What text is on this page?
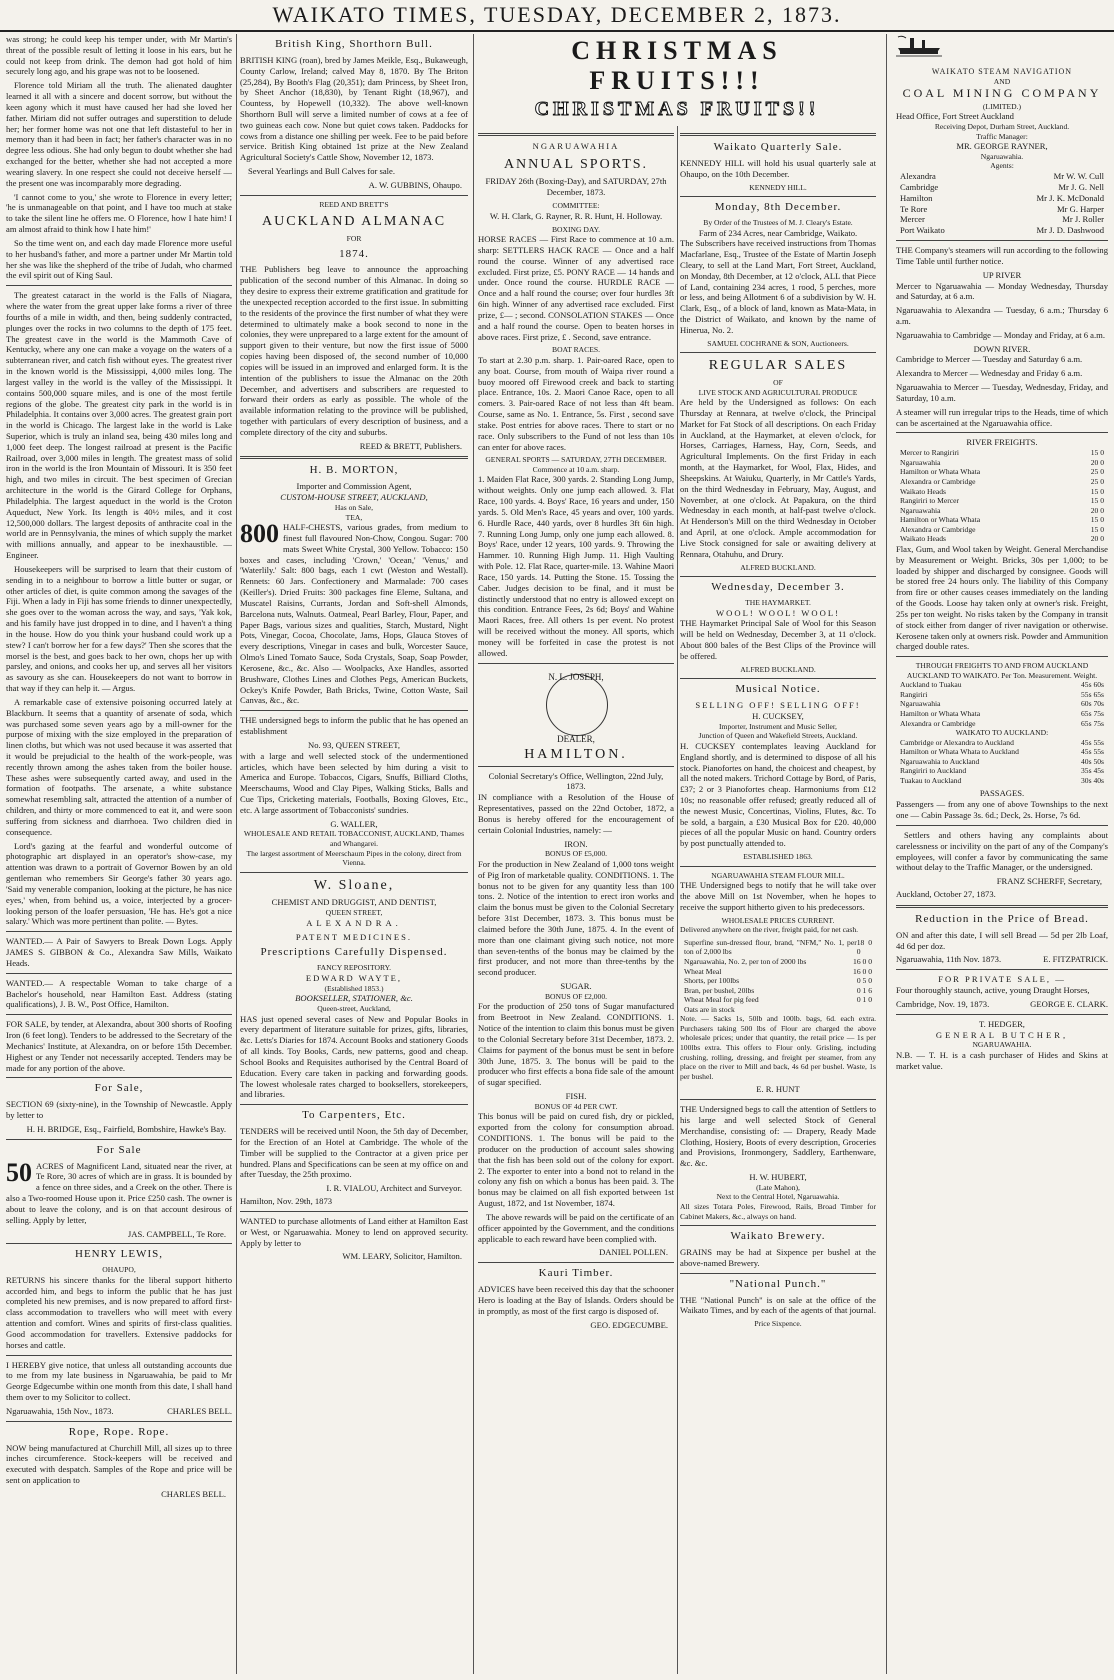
WAIKATO TIMES, TUESDAY, DECEMBER 2, 1873.

was strong; he could keep his temper under, with Mr Martin's threat of the possible result of letting it loose in his ears, but he could not keep from drink. The demon had got hold of him securely long ago, and his grape was not to be loosened.

Florence told Miriam all the truth. The alienated daughter learned it all with a sincere and docent sorrow, but without the keen agony which it must have caused her had she loved her father. Miriam did not suffer outrages and superstition to delude her; her former home was not one that left distasteful to her in memory than it had been in fact; her father's character was in no degree less odious. She had only begun to doubt whether she had exchanged for the better, whether she had not accepted a more wearing slavery. In one respect she could not deceive herself — the present one was incomparably more degrading.

'I cannot come to you,' she wrote to Florence in every letter; 'he is unmanageable on that point, and I have too much at stake to take the silent line he offers me. O Florence, how I hate him! I am almost afraid to think how I hate him!'

So the time went on, and each day made Florence more useful to her husband's father, and more a partner under Mr Martin told her she was like the shepherd of the tribe of Judah, who charmed the evil spirit out of King Saul.

The greatest cataract in the world is the Falls of Niagara, where the water from the great upper lake forms a river of three fourths of a mile in width, and then, being suddenly contracted, plunges over the rocks in two columns to the depth of 175 feet. The greatest cave in the world is the Mammoth Cave of Kentucky, where any one can make a voyage on the waters of a subterranean river, and catch fish without eyes. The greatest river in the known world is the Mississippi, 4,000 miles long. The largest valley in the world is the valley of the Mississippi. It contains 500,000 square miles, and is one of the most fertile regions of the globe. The greatest city park in the world is in Philadelphia. It contains over 3,000 acres. The greatest grain port in the world is Chicago. The largest lake in the world is Lake Superior, which is truly an inland sea, being 430 miles long and 1,000 feet deep. The longest railroad at present is the Pacific Railroad, over 3,000 miles in length. The greatest mass of solid iron in the world is the Iron Mountain of Missouri. It is 350 feet high, and two miles in circuit. The best specimen of Grecian architecture in the world is the Girard College for Orphans, Philadelphia. The largest aqueduct in the world is the Croton Aqueduct, New York. Its length is 40½ miles, and it cost 12,500,000 dollars. The largest deposits of anthracite coal in the world are in Pennsylvania, the mines of which supply the market with millions annually, and appear to be inexhaustible. — Engineer.

Housekeepers will be surprised to learn that their custom of sending in to a neighbour to borrow a little butter or sugar, or other articles of diet, is quite common among the savages of the Fiji. When a lady in Fiji has some friends to dinner unexpectedly, she goes over to the woman across the way, and says, 'Yak kok, and his family have just dropped in to dine, and I haven't a thing in the house. How do you think your husband could work up a stew? I can't borrow her for a few days?' Then she scores that the morsel is the best, and goes back to her own, chops her up with parsley, and onions, and cooks her up, and serves all her visitors as savoury as she can. Housekeepers do not want to borrow in that way if they can help it. — Argus.

A remarkable case of extensive poisoning occurred lately at Blackburn. It seems that a quantity of arsenate of soda, which was purchased some seven years ago by a mill-owner for the purpose of mixing with the size employed in the preparation of linen cloths, but which was not used because it was asserted that it would be prejudicial to the health of the work-people, was recently thrown among the ashes taken from the boiler house. These ashes were subsequently carted away, and used in the formation of footpaths. The arsenate, a white substance somewhat resembling salt, attracted the attention of a number of children, and thirty or more commenced to eat it, and were soon suffering from sickness and diarrhoea. Two children died in consequence.

Lord's gazing at the fearful and wonderful outcome of photographic art displayed in an operator's show-case, my attention was drawn to a portrait of Governor Bowen by an old gentleman who remembers Sir George's father 30 years ago. 'Said my venerable companion, looking at the picture, he has nice eyes,' when, from behind us, a voice, interjected by a grocer-looking person of the loafer persuasion, 'He has. He's got a nice salary.' Which was more pertinent than polite. — Bytes.

WANTED.— A Pair of Sawyers to Break Down Logs. Apply JAMES S. GIBBON & Co., Alexandra Saw Mills, Waikato Heads.

WANTED.— A respectable Woman to take charge of a Bachelor's household, near Hamilton East. Address (stating qualifications), J. B. W., Post Office, Hamilton.

FOR SALE, by tender, at Alexandra, about 300 shorts of Roofing Iron (6 feet long). Tenders to be addressed to the Secretary of the Mechanics' Institute, at Alexandra, on or before 15th December. Highest or any Tender not necessarily accepted. Tenders may be made for any portion of the above.

For Sale,

SECTION 69 (sixty-nine), in the Township of Newcastle. Apply by letter to

H. H. BRIDGE, Esq., Fairfield, Bombshire, Hawke's Bay.
For Sale

50 ACRES of Magnificent Land, situated near the river, at Te Rore, 30 acres of which are in grass. It is bounded by a fence on three sides, and a Creek on the other. There is also a Two-roomed House upon it. Price £250 cash. The owner is about to leave the colony, and is on that account desirous of selling. Apply by letter,

JAS. CAMPBELL, Te Rore.
HENRY LEWIS,
OHAUPO,

RETURNS his sincere thanks for the liberal support hitherto accorded him, and begs to inform the public that he has just completed his new premises, and is now prepared to afford first-class accommodation to travellers who will meet with every attention and comfort. Wines and spirits of first-class qualities. Good accommodation for travellers. Extensive paddocks for horses and cattle.

I HEREBY give notice, that unless all outstanding accounts due to me from my late business in Ngaruawahia, be paid to Mr George Edgecumbe within one month from this date, I shall hand them over to my Solicitor to collect.

Ngaruawahia, 15th Nov., 1873.	CHARLES BELL.
Rope, Rope. Rope.

NOW being manufactured at Churchill Mill, all sizes up to three inches circumference. Stock-keepers will be received and executed with despatch. Samples of the Rope and price will be sent on application to

CHARLES BELL.
British King, Shorthorn Bull.

BRITISH KING (roan), bred by James Meikle, Esq., Bukaweugh, County Carlow, Ireland; calved May 8, 1870. By The Briton (25,284), By Booth's Flag (20,351); dam Princess, by Sheet Iron, by Sheet Anchor (18,830), by Tenant Right (18,967), and Countess, by Hopewell (10,332). The above well-known Shorthorn Bull will serve a limited number of cows at a fee of two guineas each cow. None but quiet cows taken. Paddocks for cows from a distance one shilling per week. Fee to be paid before service. British King obtained 1st prize at the New Zealand Agricultural Society's Cattle Show, November 12, 1873.

Several Yearlings and Bull Calves for sale.

A. W. GUBBINS, Ohaupo.
REED AND BRETT'S
AUCKLAND ALMANAC
FOR
1874.

THE Publishers beg leave to announce the approaching publication of the second number of this Almanac. In doing so they desire to express their extreme gratification and gratitude for the unexpected reception accorded to the first issue. In submitting to the residents of the province the first number of what they were determined to ultimately make a book second to none in the colonies, they were unprepared to a large extent for the amount of support given to their venture, but now the first issue of 5000 copies having been disposed of, the second number of 10,000 copies will be issued in an improved and enlarged form. It is the intention of the publishers to issue the Almanac on the 20th December, and advertisers and subscribers are requested to forward their orders as early as possible. The whole of the available information relating to the province will be published, together with particulars of every description of business, and a complete directory of the city and suburbs.

REED & BRETT, Publishers.
H. B. MORTON,
Importer and Commission Agent,
CUSTOM-HOUSE STREET, AUCKLAND,
Has on Sale,
TEA,

800 HALF-CHESTS, various grades, from medium to finest full flavoured Non-Chow, Congou. Sugar: 700 mats Sweet White Crystal, 300 Yellow. Tobacco: 150 boxes and cases, including 'Crown,' 'Ocean,' 'Venus,' and 'Waterlily.' Salt: 800 bags, each 1 cwt (Weston and Westall). Rennets: 60 Jars. Confectionery and Marmalade: 700 cases (Keiller's). Dried Fruits: 300 packages fine Eleme, Sultana, and Muscatel Raisins, Currants, Jordan and Soft-shell Almonds, Barcelona nuts, Walnuts. Oatmeal, Pearl Barley, Flour, Paper, and Paper Bags, various sizes and qualities, Starch, Mustard, Night Pots, Vinegar, Cocoa, Chocolate, Jams, Hops, Glauca Stoves of every descriptions, Vinegar in cases and bulk, Worcester Sauce, Olmo's Lined Tomato Sauce, Soda Crystals, Soap, Soap Powder, Kerosene, &c., &c. Also — Woolpacks, Axe Handles, assorted Brushware, Clothes Lines and Clothes Pegs, American Buckets, Ockey's Knife Powder, Bath Bricks, Twine, Cotton Waste, Sail Canvas, &c., &c.

THE undersigned begs to inform the public that he has opened an establishment

No. 93, QUEEN STREET,

with a large and well selected stock of the undermentioned articles, which have been selected by him during a visit to America and Europe. Tobaccos, Cigars, Snuffs, Billiard Cloths, Meerschaums, Wood and Clay Pipes, Walking Sticks, Balls and Cue Tips, Cricketing materials, Footballs, Boxing Gloves, Etc., etc. A large assortment of Tobacconists' sundries.

G. WALLER,
WHOLESALE AND RETAIL TOBACCONIST, AUCKLAND, Thames and Whangarei.
The largest assortment of Meerschaum Pipes in the colony, direct from Vienna.
W. Sloane,
CHEMIST AND DRUGGIST, AND DENTIST,
QUEEN STREET,
ALEXANDRA.
PATENT MEDICINES.
Prescriptions Carefully Dispensed.
FANCY REPOSITORY.
EDWARD WAYTE,
(Established 1853.)
BOOKSELLER, STATIONER, &c.
Queen-street, Auckland,

HAS just opened several cases of New and Popular Books in every department of literature suitable for prizes, gifts, libraries, &c. Letts's Diaries for 1874. Account Books and stationery Goods of all kinds. Toy Books, Cards, new patterns, good and cheap. School Books and Requisites authorised by the Central Board of Education. Every care taken in packing and forwarding goods. The lowest wholesale rates charged to booksellers, storekeepers, and libraries.

To Carpenters, Etc.

TENDERS will be received until Noon, the 5th day of December, for the Erection of an Hotel at Cambridge. The whole of the Timber will be supplied to the Contractor at a given price per hundred. Plans and Specifications can be seen at my office on and after Tuesday, the 25th proximo.

I. R. VIALOU, Architect and Surveyor.
Hamilton, Nov. 29th, 1873

WANTED to purchase allotments of Land either at Hamilton East or West, or Ngaruawahia. Money to lend on approved security. Apply by letter to

WM. LEARY, Solicitor, Hamilton.
CHRISTMAS FRUITS!!!
CHRISTMAS FRUITS!!

NGARUAWAHIA
ANNUAL SPORTS.

FRIDAY 26th (Boxing-Day), and SATURDAY, 27th December, 1873.

COMMITTEE:
W. H. Clark, G. Rayner, R. R. Hunt, H. Holloway.
BOXING DAY.

HORSE RACES — First Race to commence at 10 a.m. sharp: SETTLERS HACK RACE — Once and a half round the course. Winner of any advertised race excluded. First prize, £5. PONY RACE — 14 hands and under. Once round the course. HURDLE RACE — Once and a half round the course; over four hurdles 3ft 6in high. Winner of any advertised race excluded. First prize, £— ; second. CONSOLATION STAKES — Once and a half round the course. Open to beaten horses in above races. First prize, £ . Second, save entrance.

BOAT RACES.

To start at 2.30 p.m. sharp. 1. Pair-oared Race, open to any boat. Course, from mouth of Waipa river round a buoy moored off Firewood creek and back to starting place. Entrance, 10s. 2. Maori Canoe Race, open to all comers. 3. Pair-oared Race of not less than 4ft beam. Course, same as No. 1. Entrance, 5s. First , second save stake. Post entries for above races. There to start or no race. Only subscribers to the Fund of not less than 10s can enter for above races.

GENERAL SPORTS — SATURDAY, 27TH DECEMBER.
Commence at 10 a.m. sharp.

1. Maiden Flat Race, 300 yards. 2. Standing Long Jump, without weights. Only one jump each allowed. 3. Flat Race, 100 yards. 4. Boys' Race, 16 years and under, 150 yards. 5. Old Men's Race, 45 years and over, 100 yards. 6. Hurdle Race, 440 yards, over 8 hurdles 3ft 6in high. 7. Running Long Jump, only one jump each allowed. 8. Boys' Race, under 12 years, 100 yards. 9. Throwing the Hammer. 10. Running High Jump. 11. High Vaulting with Pole. 12. Flat Race, quarter-mile. 13. Wahine Maori Race, 150 yards. 14. Putting the Stone. 15. Tossing the Caber. Judges decision to be final, and it must be distinctly understood that no entry is allowed except on this condition. Entrance Fees, 2s 6d; Boys' and Wahine Maori Races, free. All others 1s per event. No protest will be received without the money. All sports, which money will be forfeited in case the protest is not allowed.

N. L. JOSEPH,
DEALER,
HAMILTON.
Colonial Secretary's Office, Wellington, 22nd July, 1873.

IN compliance with a Resolution of the House of Representatives, passed on the 22nd October, 1872, a Bonus is hereby offered for the encouragement of certain Colonial Industries, namely: —

IRON.
BONUS OF £5,000.

For the production in New Zealand of 1,000 tons weight of Pig Iron of marketable quality. CONDITIONS. 1. The bonus not to be given for any quantity less than 100 tons. 2. Notice of the intention to erect iron works and claim the bonus must be given to the Colonial Secretary before 31st December, 1873. 3. This bonus must be claimed before the 30th June, 1875. 4. In the event of more than one claimant giving such notice, not more than seven-tenths of the bonus may be claimed by the first producer, and not more than three-tenths by the second producer.

SUGAR.
BONUS OF £2,000.

For the production of 250 tons of Sugar manufactured from Beetroot in New Zealand. CONDITIONS. 1. Notice of the intention to claim this bonus must be given to the Colonial Secretary before 31st December, 1873. 2. Claims for payment of the bonus must be sent in before 30th June, 1875. 3. The bonus will be paid to the producer who first effects a bona fide sale of the amount of sugar specified.

FISH.
BONUS OF 4d PER CWT.

This bonus will be paid on cured fish, dry or pickled, exported from the colony for consumption abroad. CONDITIONS. 1. The bonus will be paid to the producer on the production of account sales showing that the fish has been sold out of the colony for export. 2. The exporter to enter into a bond not to reland in the colony any fish on which a bonus has been paid. 3. The bonus may be claimed on all fish exported between 1st August, 1872, and 1st November, 1874.

The above rewards will be paid on the certificate of an officer appointed by the Government, and the conditions applicable to each reward have been complied with.

DANIEL POLLEN.
Kauri Timber.

ADVICES have been received this day that the schooner Hero is loading at the Bay of Islands. Orders should be in promptly, as most of the first cargo is disposed of.

GEO. EDGECUMBE.
Waikato Quarterly Sale.

KENNEDY HILL will hold his usual quarterly sale at Ohaupo, on the 10th December.

KENNEDY HILL.
Monday, 8th December.
By Order of the Trustees of M. J. Cleary's Estate.
Farm of 234 Acres, near Cambridge, Waikato.

The Subscribers have received instructions from Thomas Macfarlane, Esq., Trustee of the Estate of Martin Joseph Cleary, to sell at the Land Mart, Fort Street, Auckland, on Monday, 8th December, at 12 o'clock, ALL that Piece of Land, containing 234 acres, 1 rood, 5 perches, more or less, and being Allotment 6 of a subdivision by W. H. Clark, Esq., of a block of land, known as Mata-Mata, in the District of Waikato, and known by the name of Hinerua, No. 2.

SAMUEL COCHRANE & SON, Auctioneers.
REGULAR SALES
OF
LIVE STOCK AND AGRICULTURAL PRODUCE

Are held by the Undersigned as follows: On each Thursday at Rennara, at twelve o'clock, the Principal Market for Fat Stock of all descriptions. On each Friday in Auckland, at the Haymarket, at eleven o'clock, for Horses, Carriages, Harness, Hay, Corn, Seeds, and Agricultural Implements. On the first Friday in each month, at the Haymarket, for Wool, Flax, Hides, and Sheepskins. At Waiuku, Quarterly, in Mr Cattle's Yards, on the third Wednesday in February, May, August, and November, at one o'clock. At Papakura, on the third Wednesday in each month, at half-past twelve o'clock. At Henderson's Mill on the third Wednesday in October and April, at one o'clock. Ample accommodation for Live Stock consigned for sale or awaiting delivery at Rennara, Otahuhu, and Drury.

ALFRED BUCKLAND.
Wednesday, December 3.
THE HAYMARKET.
WOOL! WOOL! WOOL!

THE Haymarket Principal Sale of Wool for this Season will be held on Wednesday, December 3, at 11 o'clock. About 800 bales of the Best Clips of the Province will be offered.

ALFRED BUCKLAND.
Musical Notice.
SELLING OFF! SELLING OFF!
H. CUCKSEY,
Importer, Instrument and Music Seller,
Junction of Queen and Wakefield Streets, Auckland.

H. CUCKSEY contemplates leaving Auckland for England shortly, and is determined to dispose of all his stock. Pianofortes on hand, the choicest and cheapest, by all the noted makers. Trichord Cottage by Bord, of Paris, £37; 2 or 3 Pianofortes cheap. Harmoniums from £12 10s; no reasonable offer refused; greatly reduced all of the newest Music, Concertinas, Violins, Flutes, &c. To be sold, a bargain, a £30 Musical Box for £20. 40,000 pieces of all the popular Music on hand. Country orders by post punctually attended to.

ESTABLISHED 1863.
NGARUAWAHIA STEAM FLOUR MILL.

THE Undersigned begs to notify that he will take over the above Mill on 1st November, when he hopes to receive the support hitherto given to his predecessors.

WHOLESALE PRICES CURRENT.

Delivered anywhere on the river, freight paid, for net cash.

Superfine sun-dressed flour, brand, "NFM," No. 1, per ton of 2,000 lbs
18 0 0
Ngaruawahia, No. 2, per ton of 2000 lbs	16 0 0
Wheat Meal	16 0 0
Shorts, per 100lbs	0 5 0
Bran, per bushel, 20lbs	0 1 6
Wheat Meal for pig feed	0 1 0
Oats are in stock

Note. — Sacks 1s, 50lb and 100lb. bags, 6d. each extra. Purchasers taking 500 lbs of Flour are charged the above wholesale prices; under that quantity, the retail price — 1s per 100lbs extra. This offers to Flour only. Grisling, including crushing, rolling, dressing, and freight per steamer, from any place on the river to Mill and back, 4s 6d per bushel. Waste, 1s per bushel.

E. R. HUNT

THE Undersigned begs to call the attention of Settlers to his large and well selected Stock of General Merchandise, consisting of: — Drapery, Ready Made Clothing, Hosiery, Boots of every description, Groceries and Provisions, Ironmongery, Saddlery, Earthenware, &c. &c.

H. W. HUBERT,
(Late Mahon),
Next to the Central Hotel, Ngaruawahia.

All sizes Totara Poles, Firewood, Rails, Broad Timber for Cabinet Makers, &c., always on hand.

Waikato Brewery.

GRAINS may be had at Sixpence per bushel at the above-named Brewery.

"National Punch."

THE "National Punch" is on sale at the office of the Waikato Times, and by each of the agents of that journal.

Price Sixpence.
WAIKATO STEAM NAVIGATION
AND
COAL MINING COMPANY
(LIMITED.)
Head Office, Fort Street Auckland
Receiving Depot, Durham Street, Auckland.
Traffic Manager:
MR. GEORGE RAYNER,
Ngaruawahia.
Agents:
Alexandra	Mr W. W. Cull
Cambridge	Mr J. G. Nell
Hamilton	Mr J. K. McDonald
Te Rore	Mr G. Harper
Mercer	Mr J. Roller
Port Waikato	Mr J. D. Dashwood

THE Company's steamers will run according to the following Time Table until further notice.

UP RIVER

Mercer to Ngaruawahia — Monday Wednesday, Thursday and Saturday, at 6 a.m.

Ngaruawahia to Alexandra — Tuesday, 6 a.m.; Thursday 6 a.m.

Ngaruawahia to Cambridge — Monday and Friday, at 6 a.m.

DOWN RIVER.

Cambridge to Mercer — Tuesday and Saturday 6 a.m.

Alexandra to Mercer — Wednesday and Friday 6 a.m.

Ngaruawahia to Mercer — Tuesday, Wednesday, Friday, and Saturday, 10 a.m.

A steamer will run irregular trips to the Heads, time of which can be ascertained at the Ngaruawahia office.

RIVER FREIGHTS.
Mercer to Rangiriri	15 0
Ngaruawahia	20 0
Hamilton or Whata Whata	25 0
Alexandra or Cambridge	25 0
Waikato Heads	15 0
Rangiriri to Mercer	15 0
Ngaruawahia	20 0
Hamilton or Whata Whata	15 0
Alexandra or Cambridge	15 0
Waikato Heads	20 0

Flax, Gum, and Wool taken by Weight. General Merchandise by Measurement or Weight. Bricks, 30s per 1,000; to be loaded by shipper and discharged by consignee. Goods will be stored free 24 hours only. The liability of this Company from fire or other causes ceases immediately on the landing of the Goods. Loose hay taken only at owner's risk. Freight, 25s per ton weight. No risks taken by the Company in transit of stock either from danger of river navigation or otherwise. Kerosene taken only at owners risk. Powder and Ammunition charged double rates.

THROUGH FREIGHTS TO AND FROM AUCKLAND
AUCKLAND TO WAIKATO. Per Ton. Measurement. Weight.
Auckland to Tuakau	45s 60s
Rangiriri	55s 65s
Ngaruawahia	60s 70s
Hamilton or Whata Whata	65s 75s
Alexandra or Cambridge	65s 75s
WAIKATO TO AUCKLAND:
Cambridge or Alexandra to Auckland	45s 55s
Hamilton or Whata Whata to Auckland	45s 55s
Ngaruawahia to Auckland	40s 50s
Rangiriri to Auckland	35s 45s
Tuakau to Auckland	30s 40s
PASSAGES.

Passengers — from any one of above Townships to the next one — Cabin Passage 3s. 6d.; Deck, 2s. Horse, 7s 6d.

Settlers and others having any complaints about carelessness or incivility on the part of any of the Company's employees, will confer a favor by communicating the same without delay to the Traffic Manager, or the undersigned.

FRANZ SCHERFF, Secretary,
Auckland, October 27, 1873.
Reduction in the Price of Bread.

ON and after this date, I will sell Bread — 5d per 2lb Loaf, 4d 6d per doz.

Ngaruawahia, 11th Nov. 1873.	E. FITZPATRICK.
FOR PRIVATE SALE, —

Four thoroughly staunch, active, young Draught Horses,

Cambridge, Nov. 19, 1873.	GEORGE E. CLARK.
T. HEDGER,
GENERAL BUTCHER,
NGARUAWAHIA.

N.B. — T. H. is a cash purchaser of Hides and Skins at market value.
